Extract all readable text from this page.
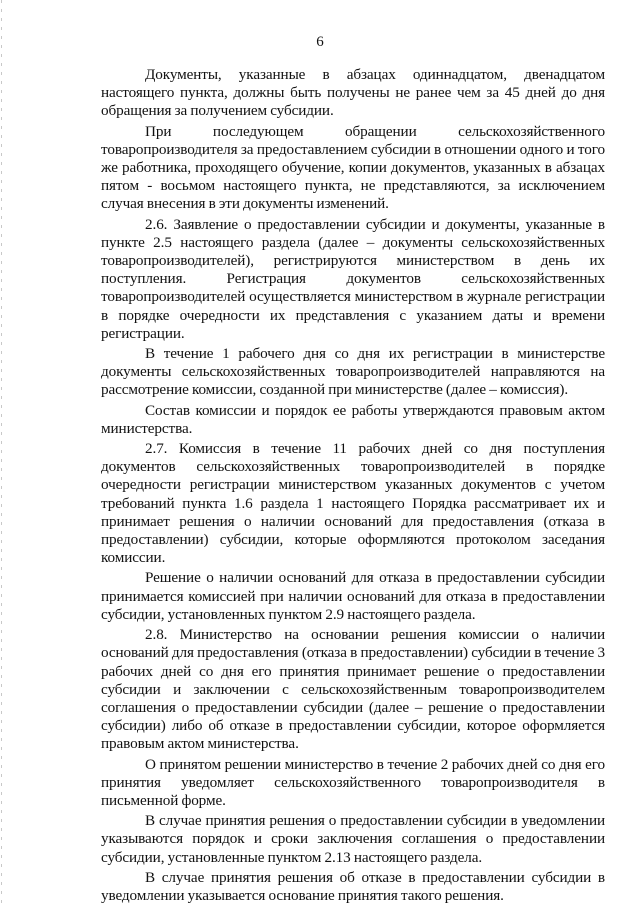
6

Документы, указанные в абзацах одиннадцатом, двенадцатом настоящего пункта, должны быть получены не ранее чем за 45 дней до дня обращения за получением субсидии.

При последующем обращении сельскохозяйственного товаропроизводителя за предоставлением субсидии в отношении одного и того же работника, проходящего обучение, копии документов, указанных в абзацах пятом - восьмом настоящего пункта, не представляются, за исключением случая внесения в эти документы изменений.

2.6. Заявление о предоставлении субсидии и документы, указанные в пункте 2.5 настоящего раздела (далее – документы сельскохозяйственных товаропроизводителей), регистрируются министерством в день их поступления. Регистрация документов сельскохозяйственных товаропроизводителей осуществляется министерством в журнале регистрации в порядке очередности их представления с указанием даты и времени регистрации.

В течение 1 рабочего дня со дня их регистрации в министерстве документы сельскохозяйственных товаропроизводителей направляются на рассмотрение комиссии, созданной при министерстве (далее – комиссия).

Состав комиссии и порядок ее работы утверждаются правовым актом министерства.

2.7. Комиссия в течение 11 рабочих дней со дня поступления документов сельскохозяйственных товаропроизводителей в порядке очередности регистрации министерством указанных документов с учетом требований пункта 1.6 раздела 1 настоящего Порядка рассматривает их и принимает решения о наличии оснований для предоставления (отказа в предоставлении) субсидии, которые оформляются протоколом заседания комиссии.

Решение о наличии оснований для отказа в предоставлении субсидии принимается комиссией при наличии оснований для отказа в предоставлении субсидии, установленных пунктом 2.9 настоящего раздела.

2.8. Министерство на основании решения комиссии о наличии оснований для предоставления (отказа в предоставлении) субсидии в течение 3 рабочих дней со дня его принятия принимает решение о предоставлении субсидии и заключении с сельскохозяйственным товаропроизводителем соглашения о предоставлении субсидии (далее – решение о предоставлении субсидии) либо об отказе в предоставлении субсидии, которое оформляется правовым актом министерства.

О принятом решении министерство в течение 2 рабочих дней со дня его принятия уведомляет сельскохозяйственного товаропроизводителя в письменной форме.

В случае принятия решения о предоставлении субсидии в уведомлении указываются порядок и сроки заключения соглашения о предоставлении субсидии, установленные пунктом 2.13 настоящего раздела.

В случае принятия решения об отказе в предоставлении субсидии в уведомлении указывается основание принятия такого решения.
